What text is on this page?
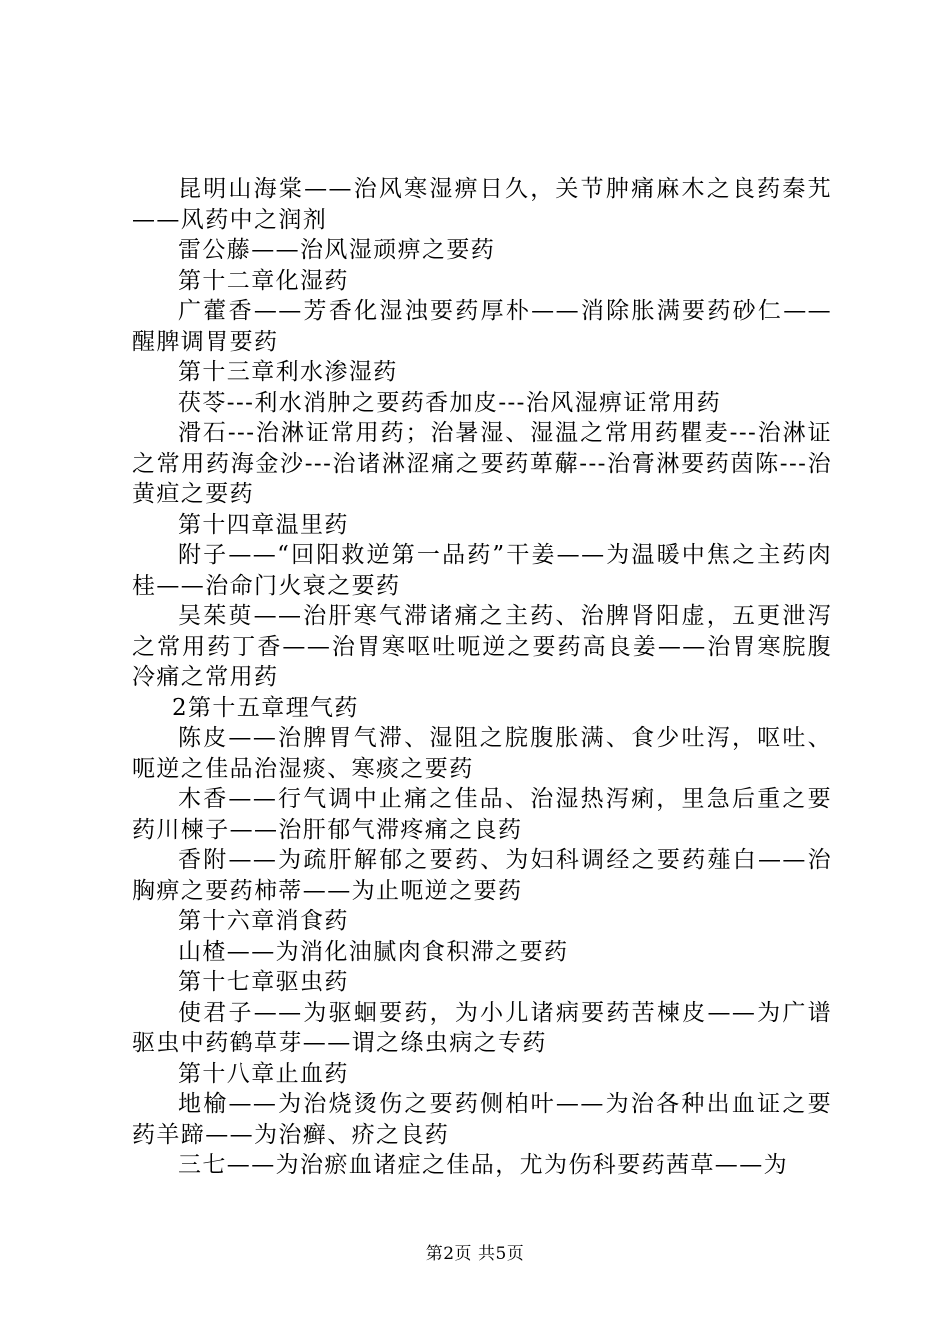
昆明山海棠——治风寒湿痹日久，关节肿痛麻木之良药秦艽——风药中之润剂

雷公藤——治风湿顽痹之要药

第十二章化湿药

广藿香——芳香化湿浊要药厚朴——消除胀满要药砂仁——醒脾调胃要药

第十三章利水渗湿药

茯苓---利水消肿之要药香加皮---治风湿痹证常用药

滑石---治淋证常用药；治暑湿、湿温之常用药瞿麦---治淋证之常用药海金沙---治诸淋涩痛之要药萆薢---治膏淋要药茵陈---治黄疸之要药

第十四章温里药

附子——“回阳救逆第一品药”干姜——为温暖中焦之主药肉桂——治命门火衰之要药

吴茱萸——治肝寒气滞诸痛之主药、治脾肾阳虚，五更泄泻之常用药丁香——治胃寒呕吐呃逆之要药高良姜——治胃寒脘腹冷痛之常用药

2第十五章理气药

陈皮——治脾胃气滞、湿阻之脘腹胀满、食少吐泻，呕吐、呃逆之佳品治湿痰、寒痰之要药

木香——行气调中止痛之佳品、治湿热泻痢，里急后重之要药川楝子——治肝郁气滞疼痛之良药

香附——为疏肝解郁之要药、为妇科调经之要药薤白——治胸痹之要药柿蒂——为止呃逆之要药

第十六章消食药

山楂——为消化油腻肉食积滞之要药

第十七章驱虫药

使君子——为驱蛔要药，为小儿诸病要药苦楝皮——为广谱驱虫中药鹤草芽——谓之绦虫病之专药

第十八章止血药

地榆——为治烧烫伤之要药侧柏叶——为治各种出血证之要药羊蹄——为治癣、疥之良药

三七——为治瘀血诸症之佳品，尤为伤科要药茜草——为

第2页 共5页
